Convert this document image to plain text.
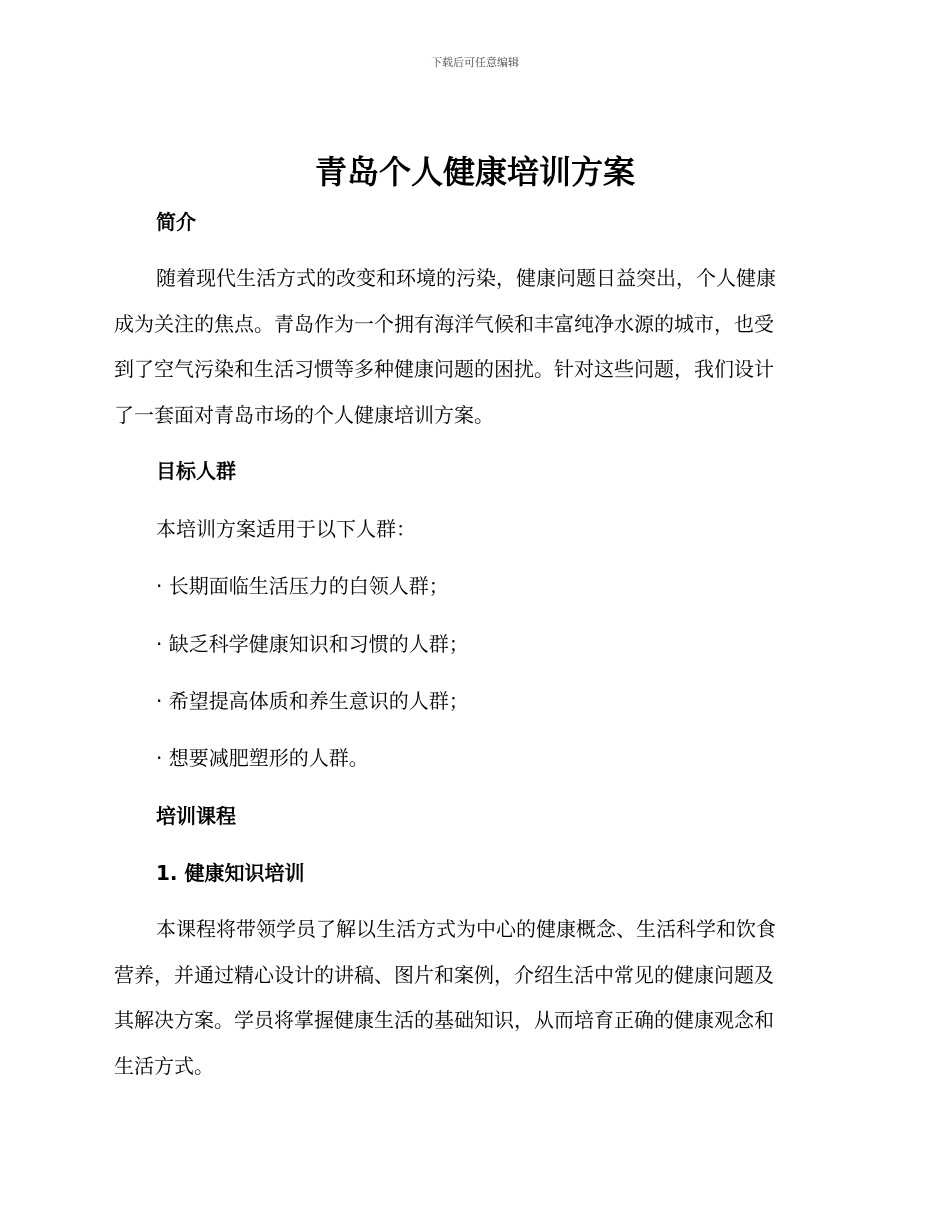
下载后可任意编辑
青岛个人健康培训方案
简介
随着现代生活方式的改变和环境的污染，健康问题日益突出，个人健康
成为关注的焦点。青岛作为一个拥有海洋气候和丰富纯净水源的城市，也受
到了空气污染和生活习惯等多种健康问题的困扰。针对这些问题，我们设计
了一套面对青岛市场的个人健康培训方案。
目标人群
本培训方案适用于以下人群：
· 长期面临生活压力的白领人群；
· 缺乏科学健康知识和习惯的人群；
· 希望提高体质和养生意识的人群；
· 想要减肥塑形的人群。
培训课程
1. 健康知识培训
本课程将带领学员了解以生活方式为中心的健康概念、生活科学和饮食
营养，并通过精心设计的讲稿、图片和案例，介绍生活中常见的健康问题及
其解决方案。学员将掌握健康生活的基础知识，从而培育正确的健康观念和
生活方式。
